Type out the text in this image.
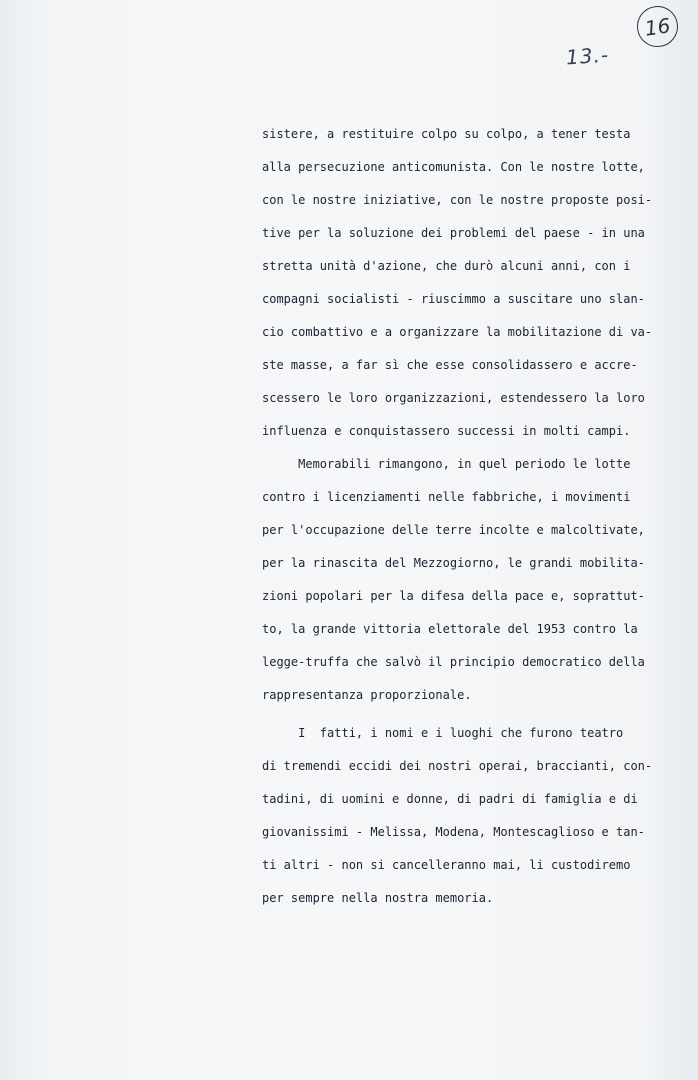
13.-
16
sistere, a restituire colpo su colpo, a tener testa
alla persecuzione anticomunista. Con le nostre lotte,
con le nostre iniziative, con le nostre proposte posi-
tive per la soluzione dei problemi del paese - in una
stretta unità d'azione, che durò alcuni anni, con i
compagni socialisti - riuscimmo a suscitare uno slan-
cio combattivo e a organizzare la mobilitazione di va-
ste masse, a far sì che esse consolidassero e accre-
scessero le loro organizzazioni, estendessero la loro
influenza e conquistassero successi in molti campi.
Memorabili rimangono, in quel periodo le lotte
contro i licenziamenti nelle fabbriche, i movimenti
per l'occupazione delle terre incolte e malcoltivate,
per la rinascita del Mezzogiorno, le grandi mobilita-
zioni popolari per la difesa della pace e, soprattut-
to, la grande vittoria elettorale del 1953 contro la
legge-truffa che salvò il principio democratico della
rappresentanza proporzionale.
I  fatti, i nomi e i luoghi che furono teatro
di tremendi eccidi dei nostri operai, braccianti, con-
tadini, di uomini e donne, di padri di famiglia e di
giovanissimi - Melissa, Modena, Montescaglioso e tan-
ti altri - non si cancelleranno mai, li custodiremo
per sempre nella nostra memoria.
